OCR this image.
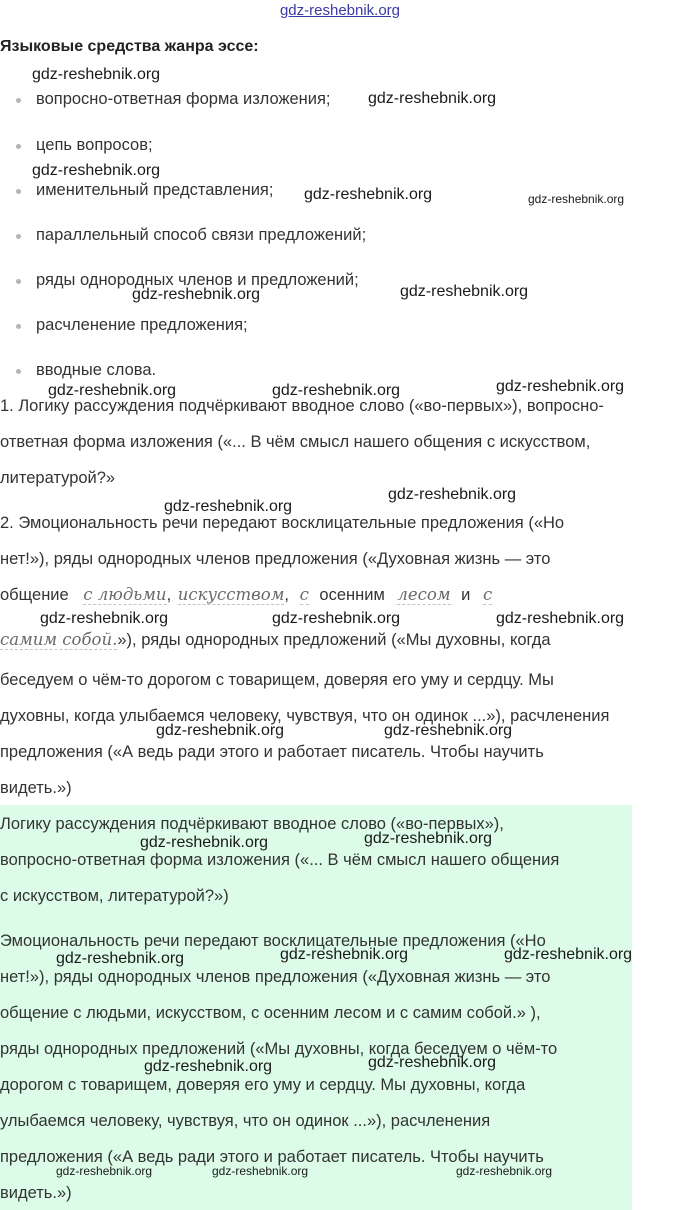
gdz-reshebnik.org
Языковые средства жанра эссе:
вопросно-ответная форма изложения;
цепь вопросов;
именительный представления;
параллельный способ связи предложений;
ряды однородных членов и предложений;
расчленение предложения;
вводные слова.
1. Логику рассуждения подчёркивают вводное слово («во-первых»), вопросно-
ответная форма изложения («... В чём смысл нашего общения с искусством,
литературой?»
2. Эмоциональность речи передают восклицательные предложения («Но
нет!»), ряды однородных членов предложения («Духовная жизнь — это
общение с людьми, искусством, с осенним лесом и с
самим собой.»), ряды однородных предложений («Мы духовны, когда
беседуем о чём-то дорогом с товарищем, доверяя его уму и сердцу. Мы
духовны, когда улыбаемся человеку, чувствуя, что он одинок ...»), расчленения
предложения («А ведь ради этого и работает писатель. Чтобы научить
видеть.»)
Логику рассуждения подчёркивают вводное слово («во-первых»),
вопросно-ответная форма изложения («... В чём смысл нашего общения
с искусством, литературой?»)
Эмоциональность речи передают восклицательные предложения («Но
нет!»), ряды однородных членов предложения («Духовная жизнь — это
общение с людьми, искусством, с осенним лесом и с самим собой.» ),
ряды однородных предложений («Мы духовны, когда беседуем о чём-то
дорогом с товарищем, доверяя его уму и сердцу. Мы духовны, когда
улыбаемся человеку, чувствуя, что он одинок ...»), расчленения
предложения («А ведь ради этого и работает писатель. Чтобы научить
видеть.»)
gdz-reshebnik.org
gdz-reshebnik.org
gdz-reshebnik.org
gdz-reshebnik.org	gdz-reshebnik.org
gdz-reshebnik.org
gdz-reshebnik.org
gdz-reshebnik.org	gdz-reshebnik.org	gdz-reshebnik.org
gdz-reshebnik.org
gdz-reshebnik.org
gdz-reshebnik.org	gdz-reshebnik.org	gdz-reshebnik.org
gdz-reshebnik.org	gdz-reshebnik.org
gdz-reshebnik.org	gdz-reshebnik.org
gdz-reshebnik.org	gdz-reshebnik.org	gdz-reshebnik.org
gdz-reshebnik.org	gdz-reshebnik.org
gdz-reshebnik.org	gdz-reshebnik.org	gdz-reshebnik.org
